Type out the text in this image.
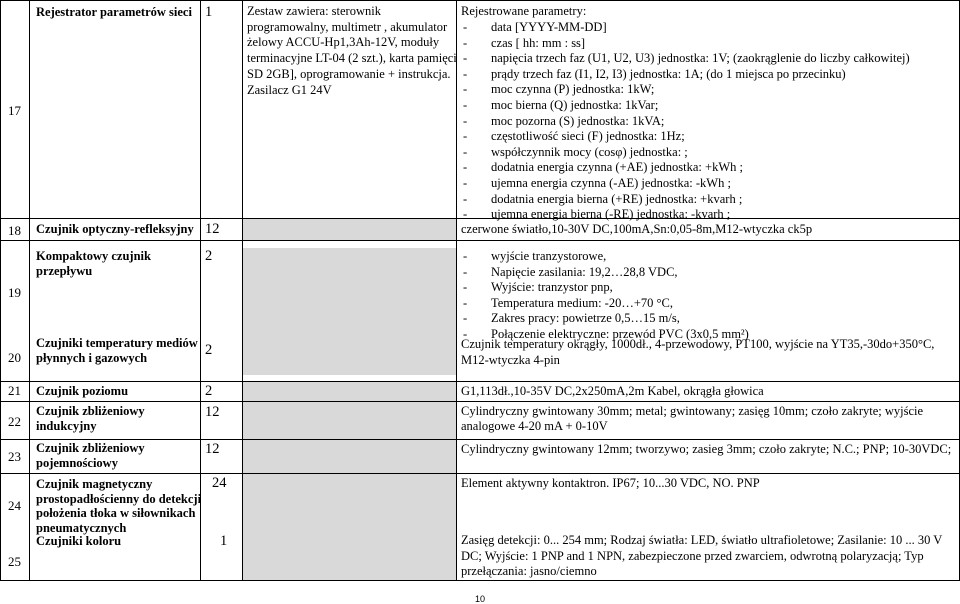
17
Rejestrator parametrów sieci 1	Zestaw zawiera: sterownik
programowalny, multimetr , akumulator
żelowy ACCU-Hp1,3Ah-12V, moduły
terminacyjne LT-04 (2 szt.), karta pamięci
SD 2GB], oprogramowanie + instrukcja.
Zasilacz G1 24V
Rejestrowane parametry:
- data [YYYY-MM-DD]
- czas [ hh: mm : ss]
- napięcia trzech faz (U1, U2, U3) jednostka: 1V; (zaokrąglenie do liczby całkowitej)
- prądy trzech faz (I1, I2, I3) jednostka: 1A; (do 1 miejsca po przecinku)
- moc czynna (P) jednostka: 1kW;
- moc bierna (Q) jednostka: 1kVar;
- moc pozorna (S) jednostka: 1kVA;
- częstotliwość sieci (F) jednostka: 1Hz;
- współczynnik mocy (cosφ) jednostka: ;
- dodatnia energia czynna (+AE) jednostka: +kWh ;
- ujemna energia czynna (-AE) jednostka: -kWh ;
- dodatnia energia bierna (+RE) jednostka: +kvarh ;
- ujemna energia bierna (-RE) jednostka: -kvarh ;
18	Czujnik optyczny-refleksyjny 12	czerwone światło,10-30V DC,100mA,Sn:0,05-8m,M12-wtyczka ck5p
19
Kompaktowy czujnik
przepływu
2
-	wyjście tranzystorowe,
- Napięcie zasilania: 19,2…28,8 VDC,
- Wyjście: tranzystor pnp,
- Temperatura medium: -20…+70 °C,
- Zakres pracy: powietrze 0,5…15 m/s,
- Połączenie elektryczne: przewód PVC (3x0,5 mm²)
20
Czujniki temperatury mediów
płynnych i gazowych	2	Czujnik temperatury okrągły, 1000dł., 4-przewodowy, PT100, wyjście na YT35,-30do+350°C,
M12-wtyczka 4-pin
21	Czujnik poziomu	2	G1,113dł.,10-35V DC,2x250mA,2m Kabel, okrągła głowica
22
Czujnik zbliżeniowy
indukcyjny
12	Cylindryczny gwintowany 30mm; metal; gwintowany; zasięg 10mm; czoło zakryte; wyjście
analogowe 4-20 mA + 0-10V
23
Czujnik zbliżeniowy
pojemnościowy
12	Cylindryczny gwintowany 12mm; tworzywo; zasieg 3mm; czoło zakryte; N.C.; PNP; 10-30VDC;
24
Czujnik magnetyczny
prostopadłościenny do detekcji
położenia tłoka w siłownikach
pneumatycznych
24	Element aktywny kontaktron. IP67; 10...30 VDC, NO. PNP
25
Czujniki koloru	1	Zasięg detekcji: 0... 254 mm; Rodzaj światła: LED, światło ultrafioletowe; Zasilanie: 10 ... 30 V
DC; Wyjście: 1 PNP and 1 NPN, zabezpieczone przed zwarciem, odwrotną polaryzacją; Typ
przełączania: jasno/ciemno
10
